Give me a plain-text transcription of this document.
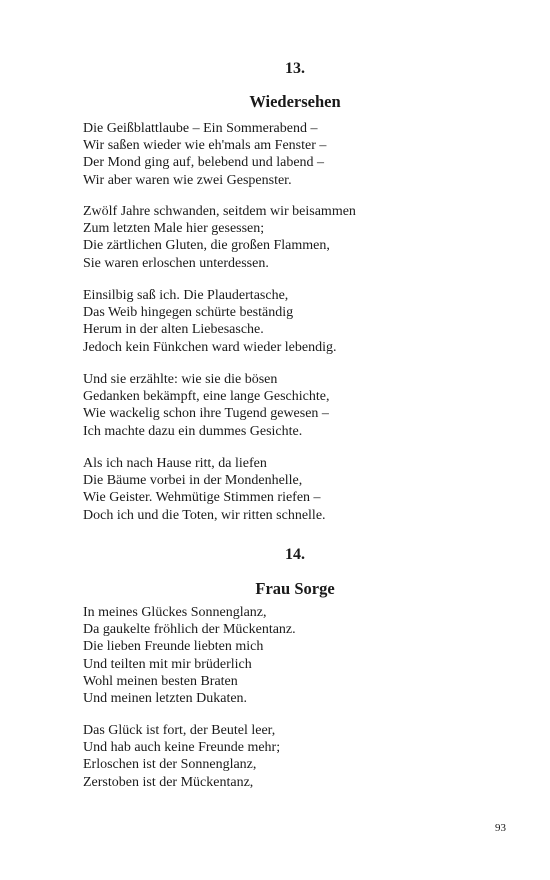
13.
Wiedersehen
Die Geißblattlaube – Ein Sommerabend –
Wir saßen wieder wie eh'mals am Fenster –
Der Mond ging auf, belebend und labend –
Wir aber waren wie zwei Gespenster.
Zwölf Jahre schwanden, seitdem wir beisammen
Zum letzten Male hier gesessen;
Die zärtlichen Gluten, die großen Flammen,
Sie waren erloschen unterdessen.
Einsilbig saß ich. Die Plaudertasche,
Das Weib hingegen schürte beständig
Herum in der alten Liebesasche.
Jedoch kein Fünkchen ward wieder lebendig.
Und sie erzählte: wie sie die bösen
Gedanken bekämpft, eine lange Geschichte,
Wie wackelig schon ihre Tugend gewesen –
Ich machte dazu ein dummes Gesichte.
Als ich nach Hause ritt, da liefen
Die Bäume vorbei in der Mondenhelle,
Wie Geister. Wehmütige Stimmen riefen –
Doch ich und die Toten, wir ritten schnelle.
14.
Frau Sorge
In meines Glückes Sonnenglanz,
Da gaukelte fröhlich der Mückentanz.
Die lieben Freunde liebten mich
Und teilten mit mir brüderlich
Wohl meinen besten Braten
Und meinen letzten Dukaten.
Das Glück ist fort, der Beutel leer,
Und hab auch keine Freunde mehr;
Erloschen ist der Sonnenglanz,
Zerstoben ist der Mückentanz,
93
